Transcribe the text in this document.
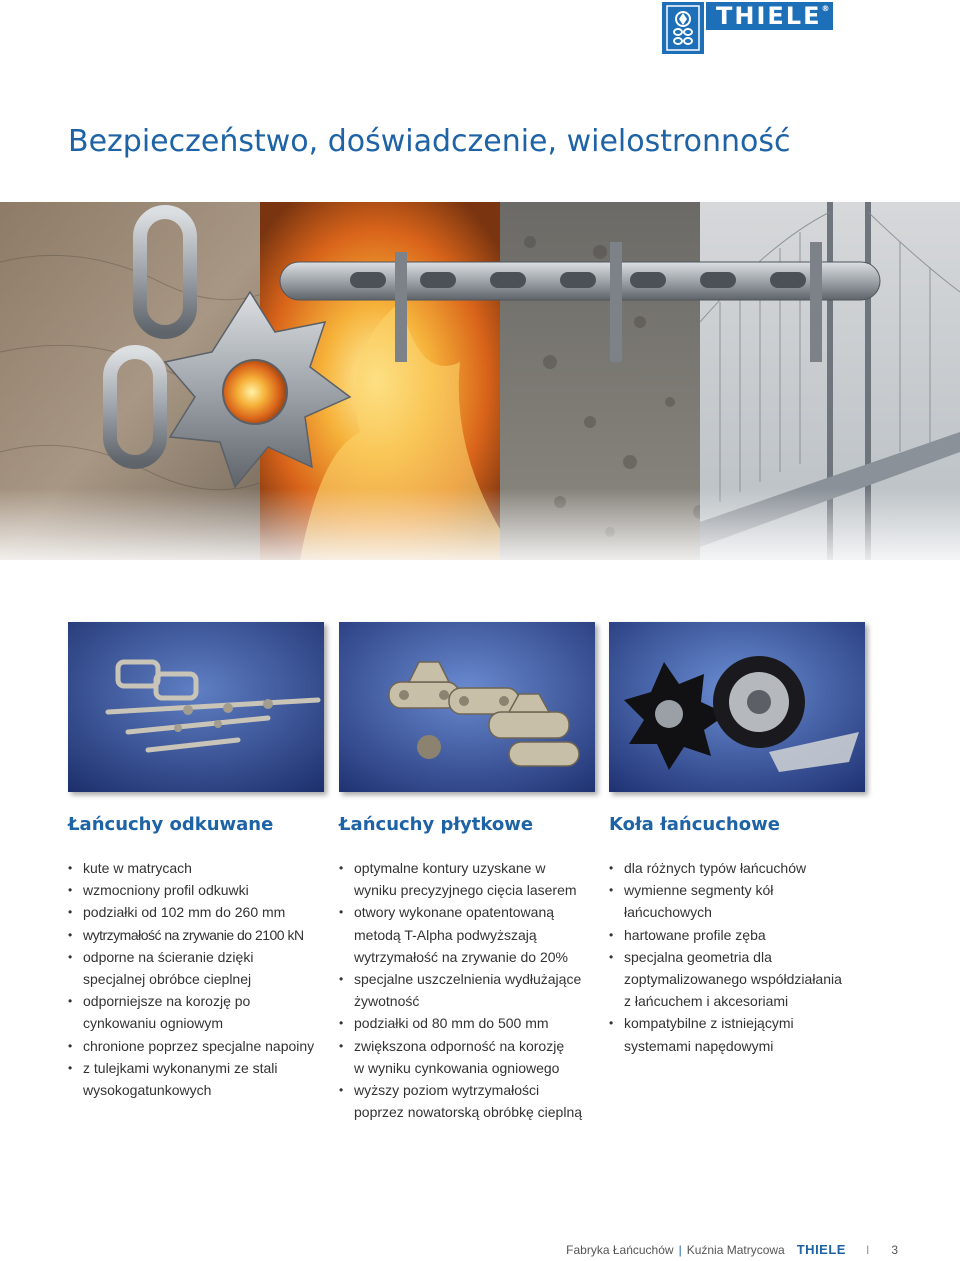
THIELE ®
Bezpieczeństwo, doświadczenie, wielostronność
Łańcuchy odkuwane
• kute w matrycach
• wzmocniony profil odkuwki
• podziałki od 102 mm do 260 mm
• wytrzymałość na zrywanie do 2100 kN
• odporne na ścieranie dzięki
specjalnej obróbce cieplnej
• odporniejsze na korozję po
cynkowaniu ogniowym
• chronione poprzez specjalne napoiny
• z tulejkami wykonanymi ze stali
wysokogatunkowych
Łańcuchy płytkowe
• optymalne kontury uzyskane w
wyniku precyzyjnego cięcia laserem
• otwory wykonane opatentowaną
metodą T-Alpha podwyższają
wytrzymałość na zrywanie do 20%
• specjalne uszczelnienia wydłużające
żywotność
• podziałki od 80 mm do 500 mm
• zwiększona odporność na korozję
w wyniku cynkowania ogniowego
• wyższy poziom wytrzymałości
poprzez nowatorską obróbkę cieplną
Koła łańcuchowe
• dla różnych typów łańcuchów
• wymienne segmenty kół
łańcuchowych
• hartowane profile zęba
• specjalna geometria dla
zoptymalizowanego współdziałania
z łańcuchem i akcesoriami
• kompatybilne z istniejącymi
systemami napędowymi
Fabryka Łańcuchów | Kuźnia Matrycowa THIELE I 3
